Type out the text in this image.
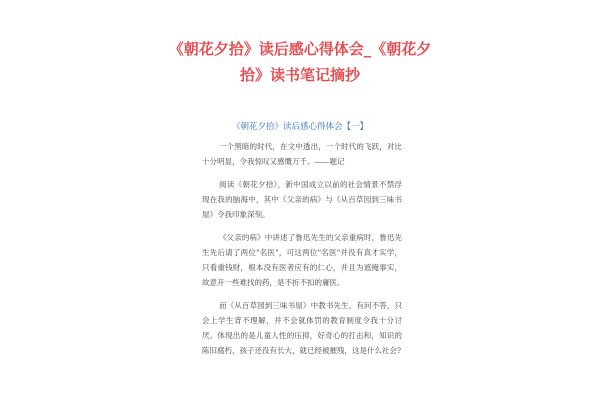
《朝花夕拾》读后感心得体会_《朝花夕拾》读书笔记摘抄
《朝花夕拾》读后感心得体会【一】

一个黑暗的时代，在文中透出，一个时代的飞跃，对比十分明显，令我惊叹又感慨万千。——题记

阅读《朝花夕拾》，新中国成立以前的社会情景不禁浮现在我的脑海中，其中《父亲的病》与《从百草园到三味书屋》令我印象深刻。

《父亲的病》中讲述了鲁迅先生的父亲重病时，鲁迅先生先后请了两位"名医"，可这两位"名医"并没有真才实学，只看重钱财，根本没有医者应有的仁心，并且为遮掩事实，故意开一些难找的药，是不折不扣的庸医。

而《从百草园到三味书屋》中教书先生，有问不答，只会上学生背不理解，并不会就体罚的教育制度令我十分讨厌。体现出的是儿童人性的压抑，好奇心的打击和，知识的陈旧腐朽，孩子还没有长大，就已经被摧残，这是什么社会?
